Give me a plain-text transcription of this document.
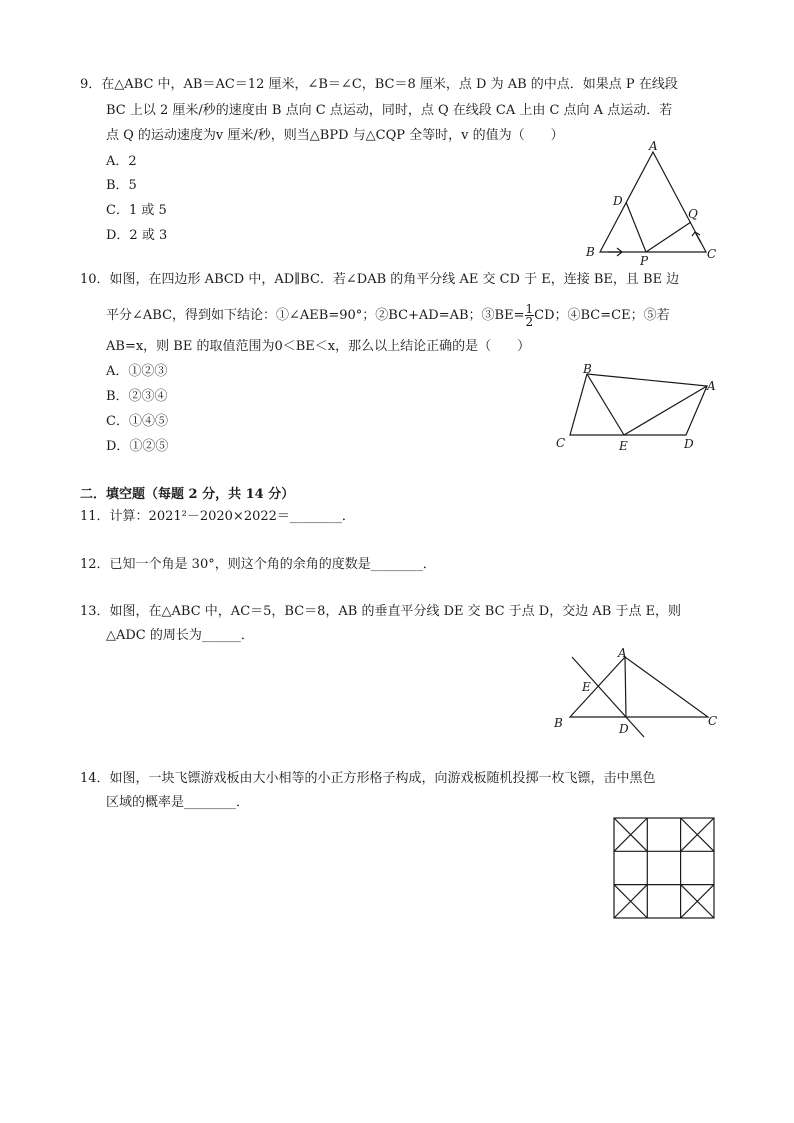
9．在△ABC 中，AB＝AC＝12 厘米，∠B＝∠C，BC＝8 厘米，点 D 为 AB 的中点．如果点 P 在线段
BC 上以 2 厘米/秒的速度由 B 点向 C 点运动，同时，点 Q 在线段 CA 上由 C 点向 A 点运动．若
点 Q 的运动速度为v 厘米/秒，则当△BPD 与△CQP 全等时，v 的值为（　　）
A．2
B．5
C．1 或 5
D．2 或 3
A
B	C
D
P
Q
10．如图，在四边形 ABCD 中，AD∥BC．若∠DAB 的角平分线 AE 交 CD 于 E，连接 BE，且 BE 边
平分∠ABC，得到如下结论：①∠AEB=90°；②BC+AD=AB；③BE= $\frac{1}{2}$ CD；④BC=CE；⑤若
AB=x，则 BE 的取值范围为0＜BE＜x，那么以上结论正确的是（　　）
A．①②③
B．②③④
C．①④⑤
D．①②⑤
B
A
C	E	D
二．填空题（每题 2 分，共 14 分）
11．计算：2021²－2020×2022＝________．
12．已知一个角是 30°，则这个角的余角的度数是________．
13．如图，在△ABC 中，AC＝5，BC＝8，AB 的垂直平分线 DE 交 BC 于点 D，交边 AB 于点 E，则
△ADC 的周长为______．
A
E
B	C
D
14．如图，一块飞镖游戏板由大小相等的小正方形格子构成，向游戏板随机投掷一枚飞镖，击中黑色
区域的概率是________．
